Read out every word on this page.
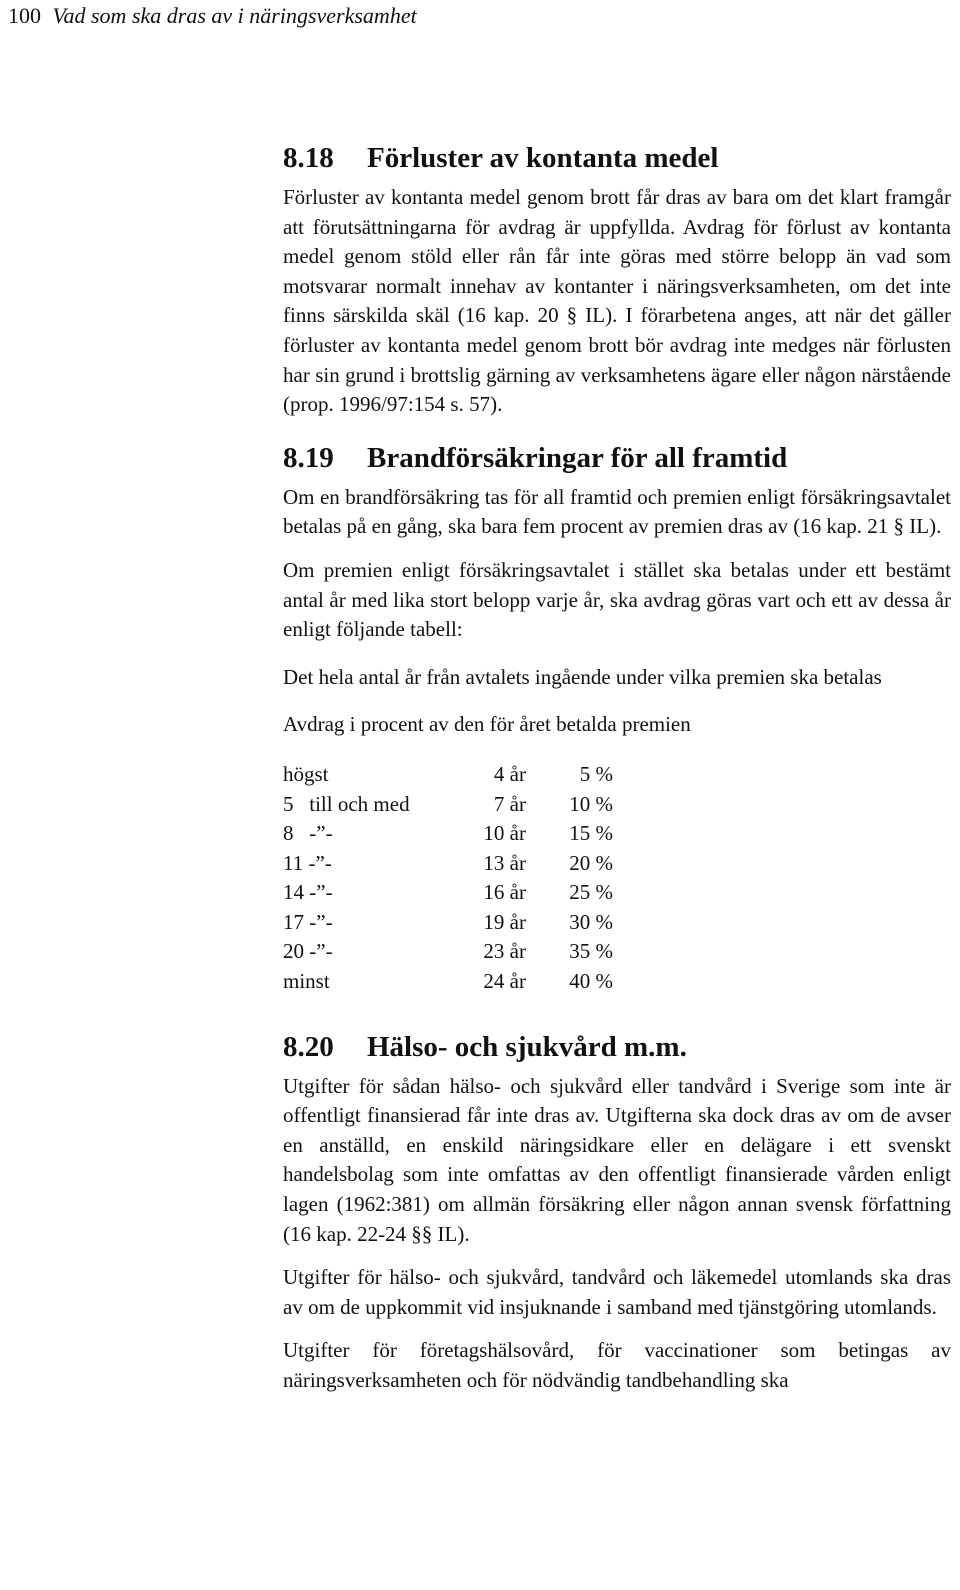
100 Vad som ska dras av i näringsverksamhet
8.18	Förluster av kontanta medel

Förluster av kontanta medel genom brott får dras av bara om det klart framgår att förutsättningarna för avdrag är uppfyllda. Avdrag för förlust av kontanta medel genom stöld eller rån får inte göras med större belopp än vad som motsvarar normalt innehav av kontanter i näringsverksamheten, om det inte finns särskilda skäl (16 kap. 20 § IL). I förarbetena anges, att när det gäller förluster av kontanta medel genom brott bör avdrag inte medges när förlusten har sin grund i brottslig gärning av verksamhetens ägare eller någon närstående (prop. 1996/97:154 s. 57).

8.19	Brandförsäkringar för all framtid

Om en brandförsäkring tas för all framtid och premien enligt försäkringsavtalet betalas på en gång, ska bara fem procent av premien dras av (16 kap. 21 § IL).

Om premien enligt försäkringsavtalet i stället ska betalas under ett bestämt antal år med lika stort belopp varje år, ska avdrag göras vart och ett av dessa år enligt följande tabell:

Det hela antal år från avtalets ingående under vilka premien ska betalas
Avdrag i procent av den för året betalda premien
högst	4 år	5 %
5   till och med	7 år	10 %
8   -”-	10 år	15 %
11 -”-	13 år	20 %
14 -”-	16 år	25 %
17 -”-	19 år	30 %
20 -”-	23 år	35 %
minst	24 år	40 %
8.20	Hälso- och sjukvård m.m.

Utgifter för sådan hälso- och sjukvård eller tandvård i Sverige som inte är offentligt finansierad får inte dras av. Utgifterna ska dock dras av om de avser en anställd, en enskild näringsidkare eller en delägare i ett svenskt handelsbolag som inte omfattas av den offentligt finansierade vården enligt lagen (1962:381) om allmän försäkring eller någon annan svensk författning (16 kap. 22-24 §§ IL).

Utgifter för hälso- och sjukvård, tandvård och läkemedel utomlands ska dras av om de uppkommit vid insjuknande i samband med tjänstgöring utomlands.

Utgifter för företagshälsovård, för vaccinationer som betingas av näringsverksamheten och för nödvändig tandbehandling ska
